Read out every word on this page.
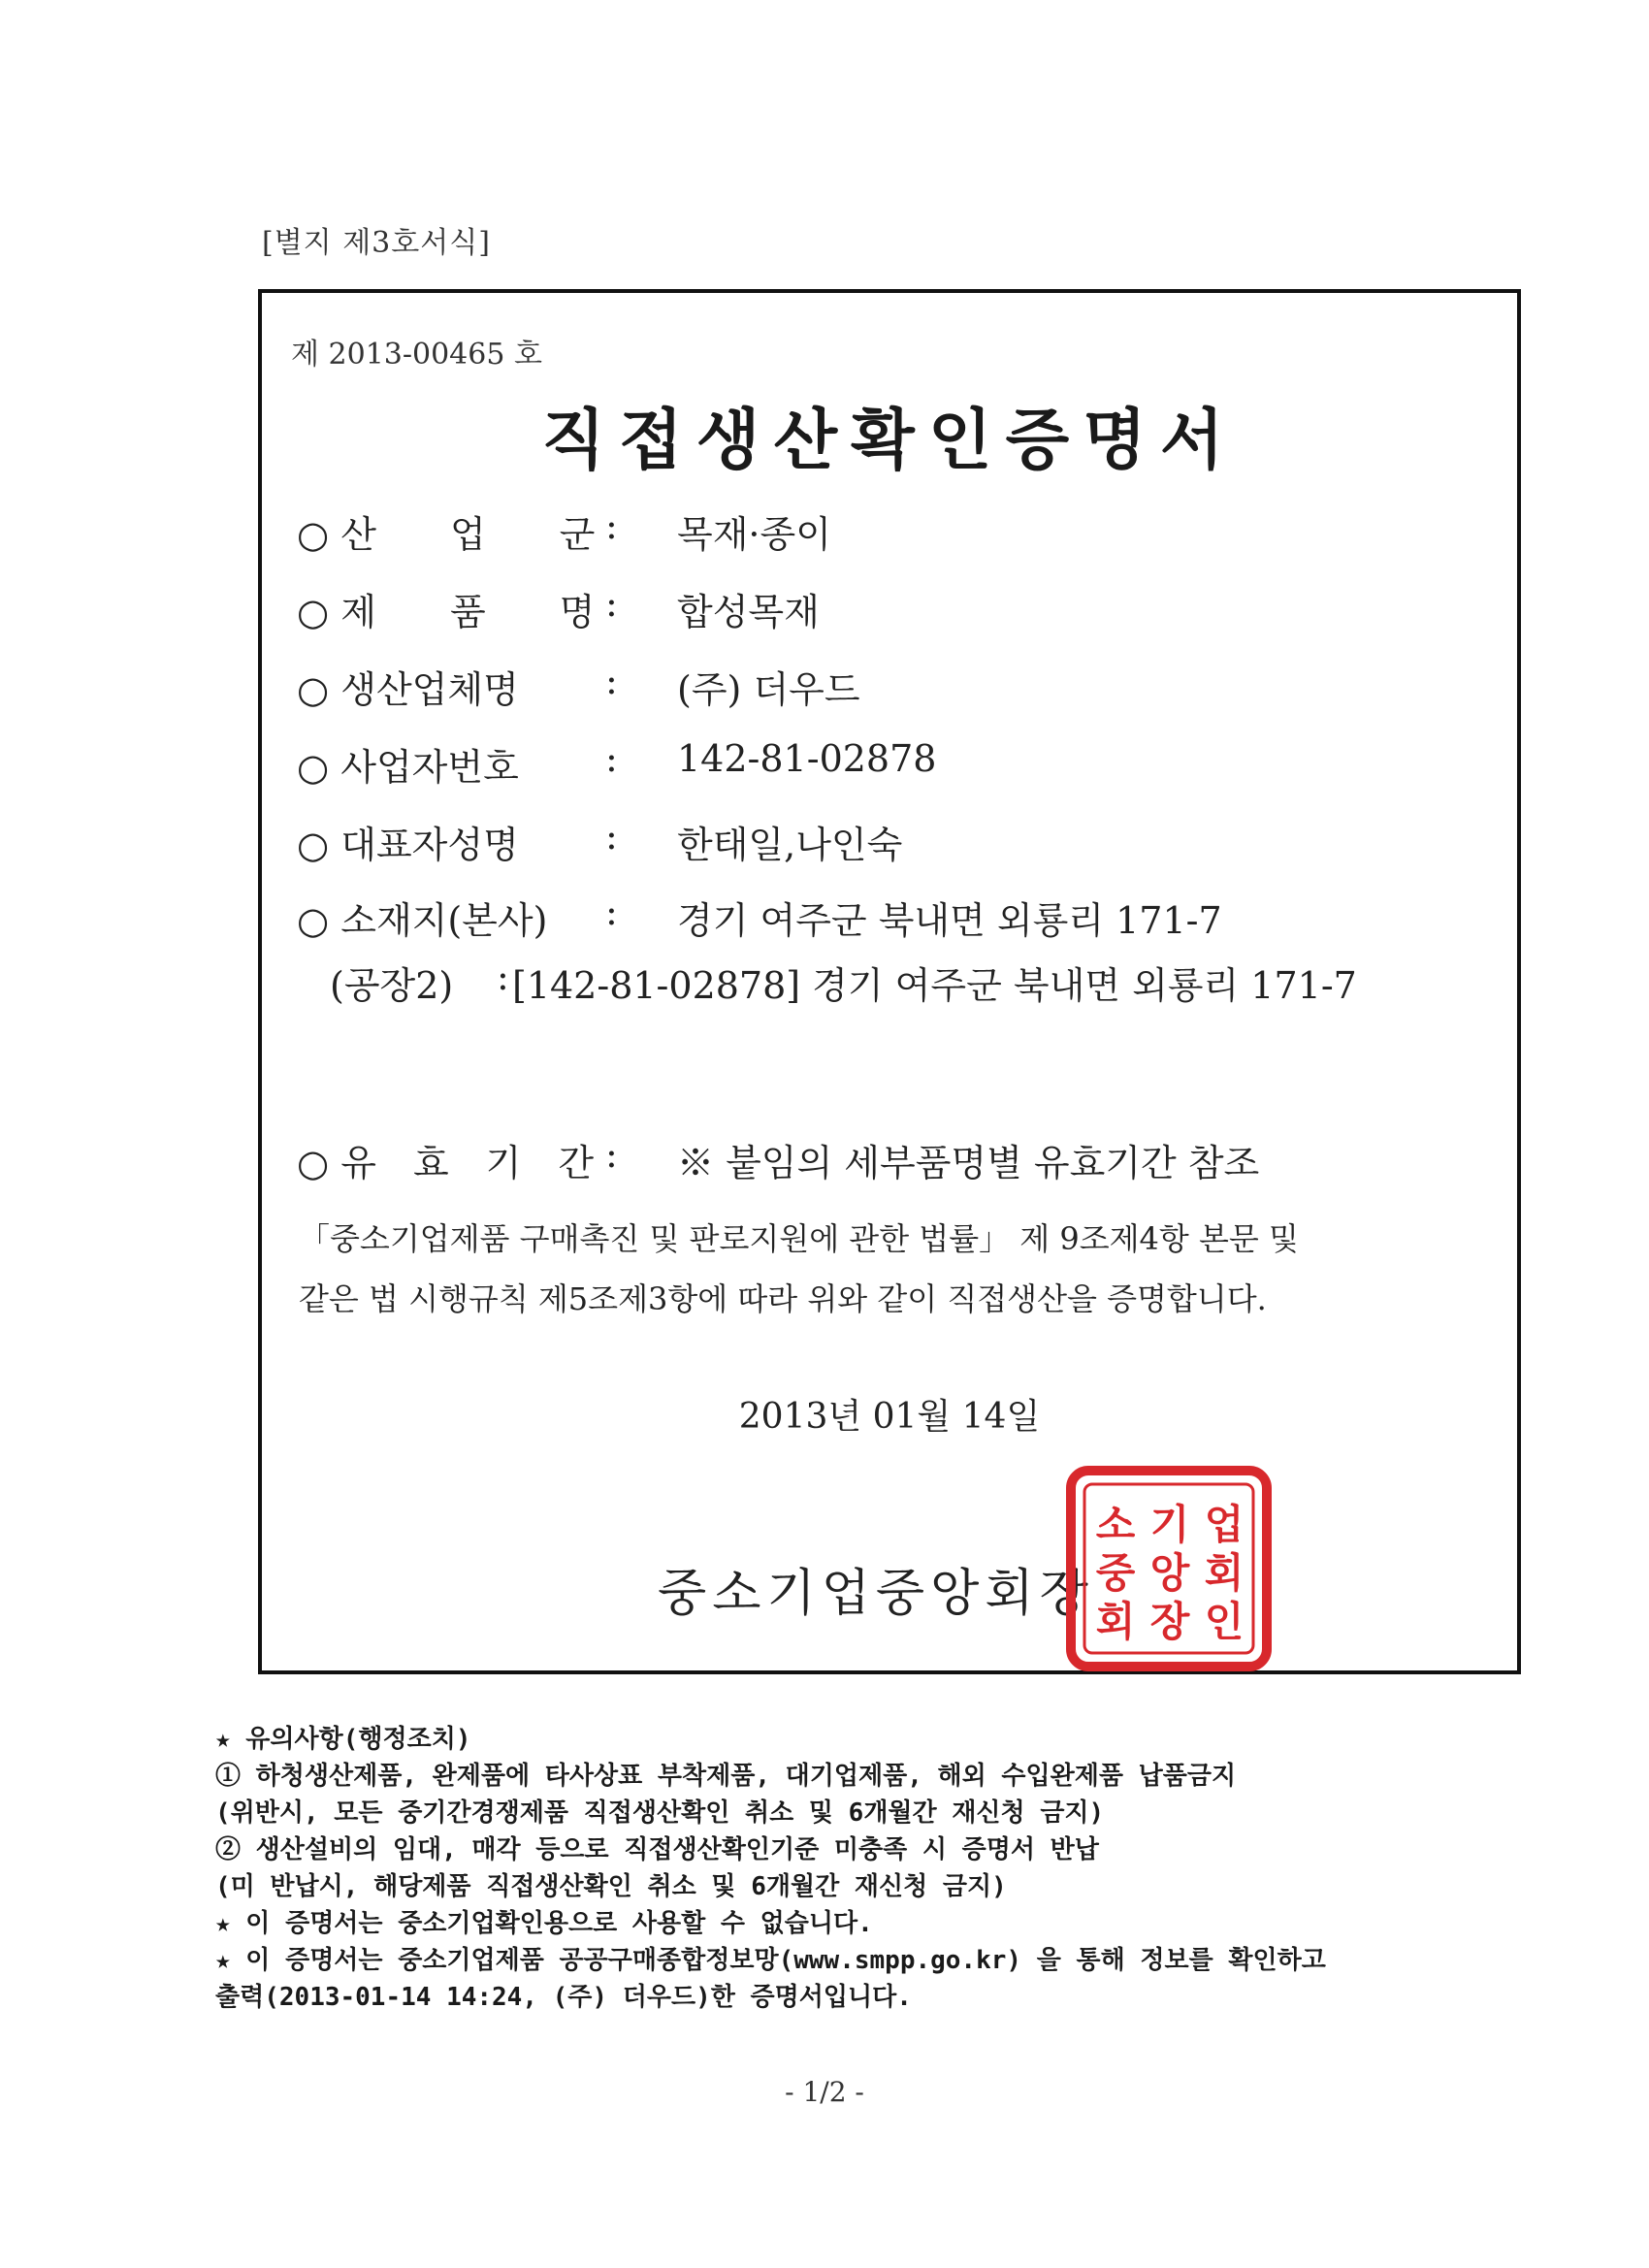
[별지 제3호서식]
제 2013-00465 호
직접생산확인증명서
○ 산　　업　　군 : 목재·종이
○ 제　　품　　명 : 합성목재
○ 생산업체명 : (주) 더우드
○ 사업자번호 : 142-81-02878
○ 대표자성명 : 한태일,나인숙
○ 소재지(본사) : 경기 여주군 북내면 외룡리 171-7
(공장2) : [142-81-02878] 경기 여주군 북내면 외룡리 171-7
○ 유　효　기　간 : ※ 붙임의 세부품명별 유효기간 참조
「중소기업제품 구매촉진 및 판로지원에 관한 법률」 제 9조제4항 본문 및
같은 법 시행규칙 제5조제3항에 따라 위와 같이 직접생산을 증명합니다.
2013년 01월 14일
중소기업중앙회장
업
회
인
기
앙
장
소
중
회
★ 유의사항(행정조치)
① 하청생산제품, 완제품에 타사상표 부착제품, 대기업제품, 해외 수입완제품 납품금지
(위반시, 모든 중기간경쟁제품 직접생산확인 취소 및 6개월간 재신청 금지)
② 생산설비의 임대, 매각 등으로 직접생산확인기준 미충족 시 증명서 반납
(미 반납시, 해당제품 직접생산확인 취소 및 6개월간 재신청 금지)
★ 이 증명서는 중소기업확인용으로 사용할 수 없습니다.
★ 이 증명서는 중소기업제품 공공구매종합정보망(www.smpp.go.kr) 을 통해 정보를 확인하고
출력(2013-01-14 14:24, (주) 더우드)한 증명서입니다.
- 1/2 -
